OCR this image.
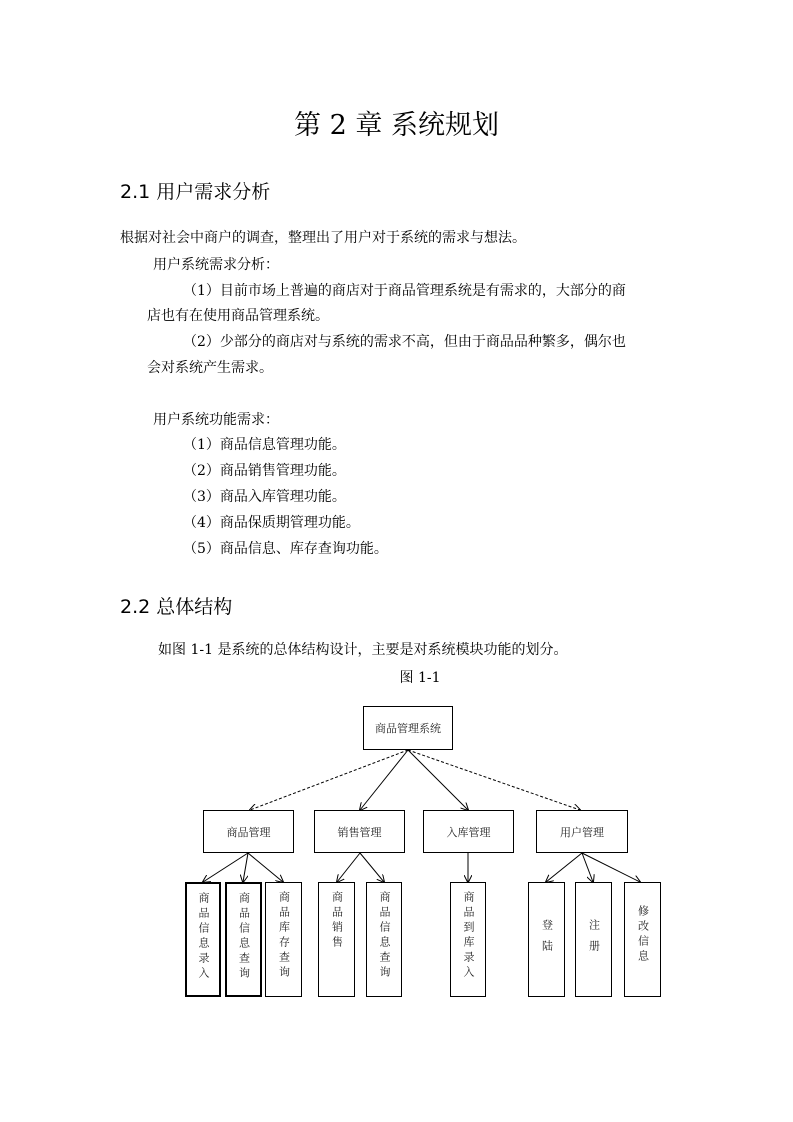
第 2 章 系统规划
2.1 用户需求分析
根据对社会中商户的调查，整理出了用户对于系统的需求与想法。
用户系统需求分析：
（1）目前市场上普遍的商店对于商品管理系统是有需求的，大部分的商
店也有在使用商品管理系统。
（2）少部分的商店对与系统的需求不高，但由于商品品种繁多，偶尔也
会对系统产生需求。
用户系统功能需求：
（1）商品信息管理功能。
（2）商品销售管理功能。
（3）商品入库管理功能。
（4）商品保质期管理功能。
（5）商品信息、库存查询功能。
2.2 总体结构
如图 1-1 是系统的总体结构设计，主要是对系统模块功能的划分。
图 1-1
商品管理系统
商品管理	销售管理	入库管理	用户管理
商品信息录入	商品信息查询 商品库存查询	商品销售	商品信息查询	商品到库录入	登陆	注册	修改信息
